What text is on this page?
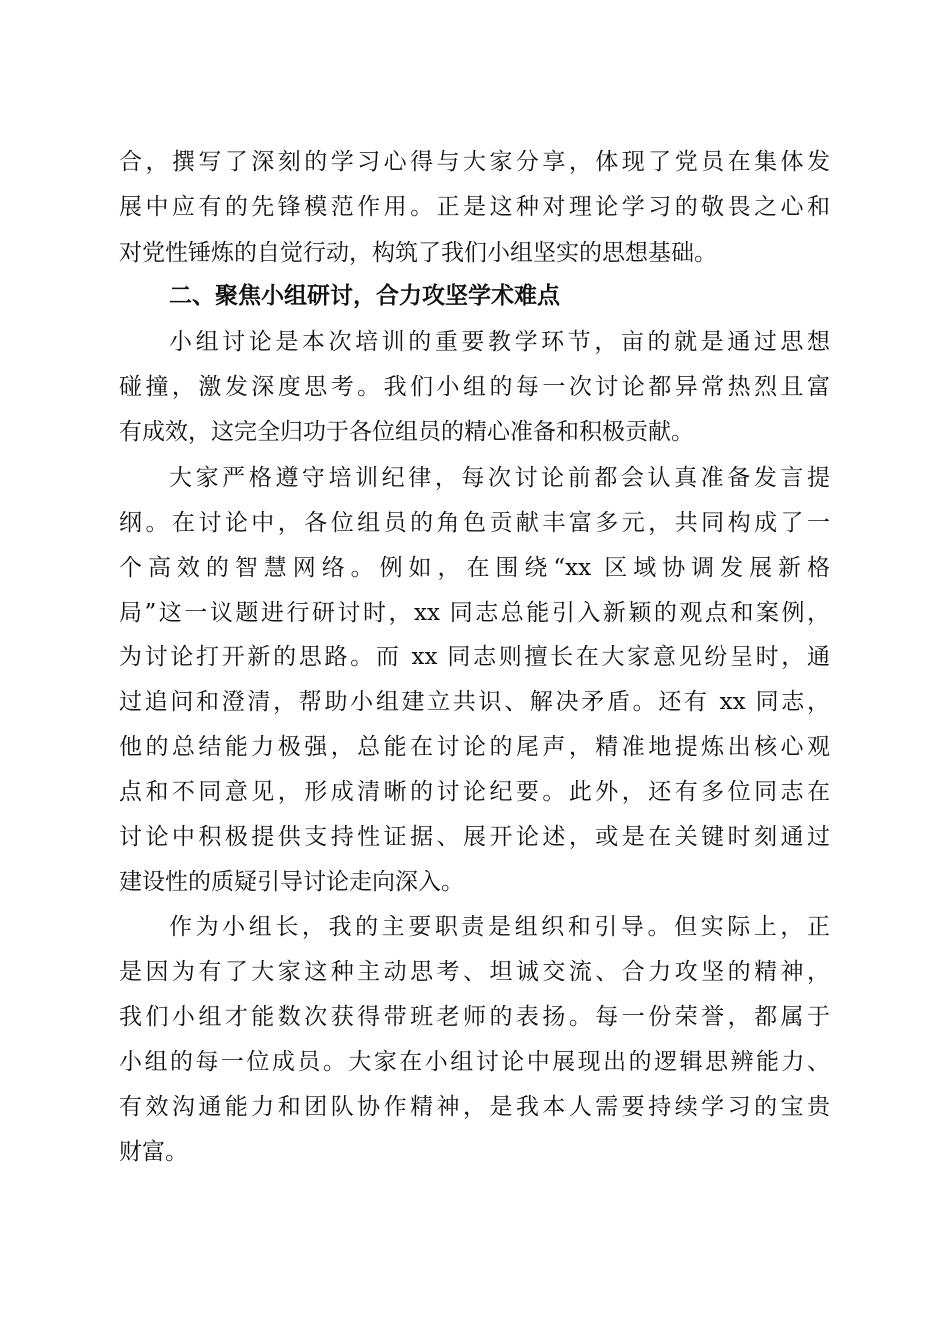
合，撰写了深刻的学习心得与大家分享，体现了党员在集体发
展中应有的先锋模范作用。正是这种对理论学习的敬畏之心和
对党性锤炼的自觉行动，构筑了我们小组坚实的思想基础。
二、聚焦小组研讨，合力攻坚学术难点
小组讨论是本次培训的重要教学环节，亩的就是通过思想
碰撞，激发深度思考。我们小组的每一次讨论都异常热烈且富
有成效，这完全归功于各位组员的精心准备和积极贡献。
大家严格遵守培训纪律，每次讨论前都会认真准备发言提
纲。在讨论中，各位组员的角色贡献丰富多元，共同构成了一
个高效的智慧网络。例如，在围绕“xx 区域协调发展新格
局”这一议题进行研讨时，xx 同志总能引入新颖的观点和案例，
为讨论打开新的思路。而 xx 同志则擅长在大家意见纷呈时，通
过追问和澄清，帮助小组建立共识、解决矛盾。还有 xx 同志，
他的总结能力极强，总能在讨论的尾声，精准地提炼出核心观
点和不同意见，形成清晰的讨论纪要。此外，还有多位同志在
讨论中积极提供支持性证据、展开论述，或是在关键时刻通过
建设性的质疑引导讨论走向深入。
作为小组长，我的主要职责是组织和引导。但实际上，正
是因为有了大家这种主动思考、坦诚交流、合力攻坚的精神，
我们小组才能数次获得带班老师的表扬。每一份荣誉，都属于
小组的每一位成员。大家在小组讨论中展现出的逻辑思辨能力、
有效沟通能力和团队协作精神，是我本人需要持续学习的宝贵
财富。
